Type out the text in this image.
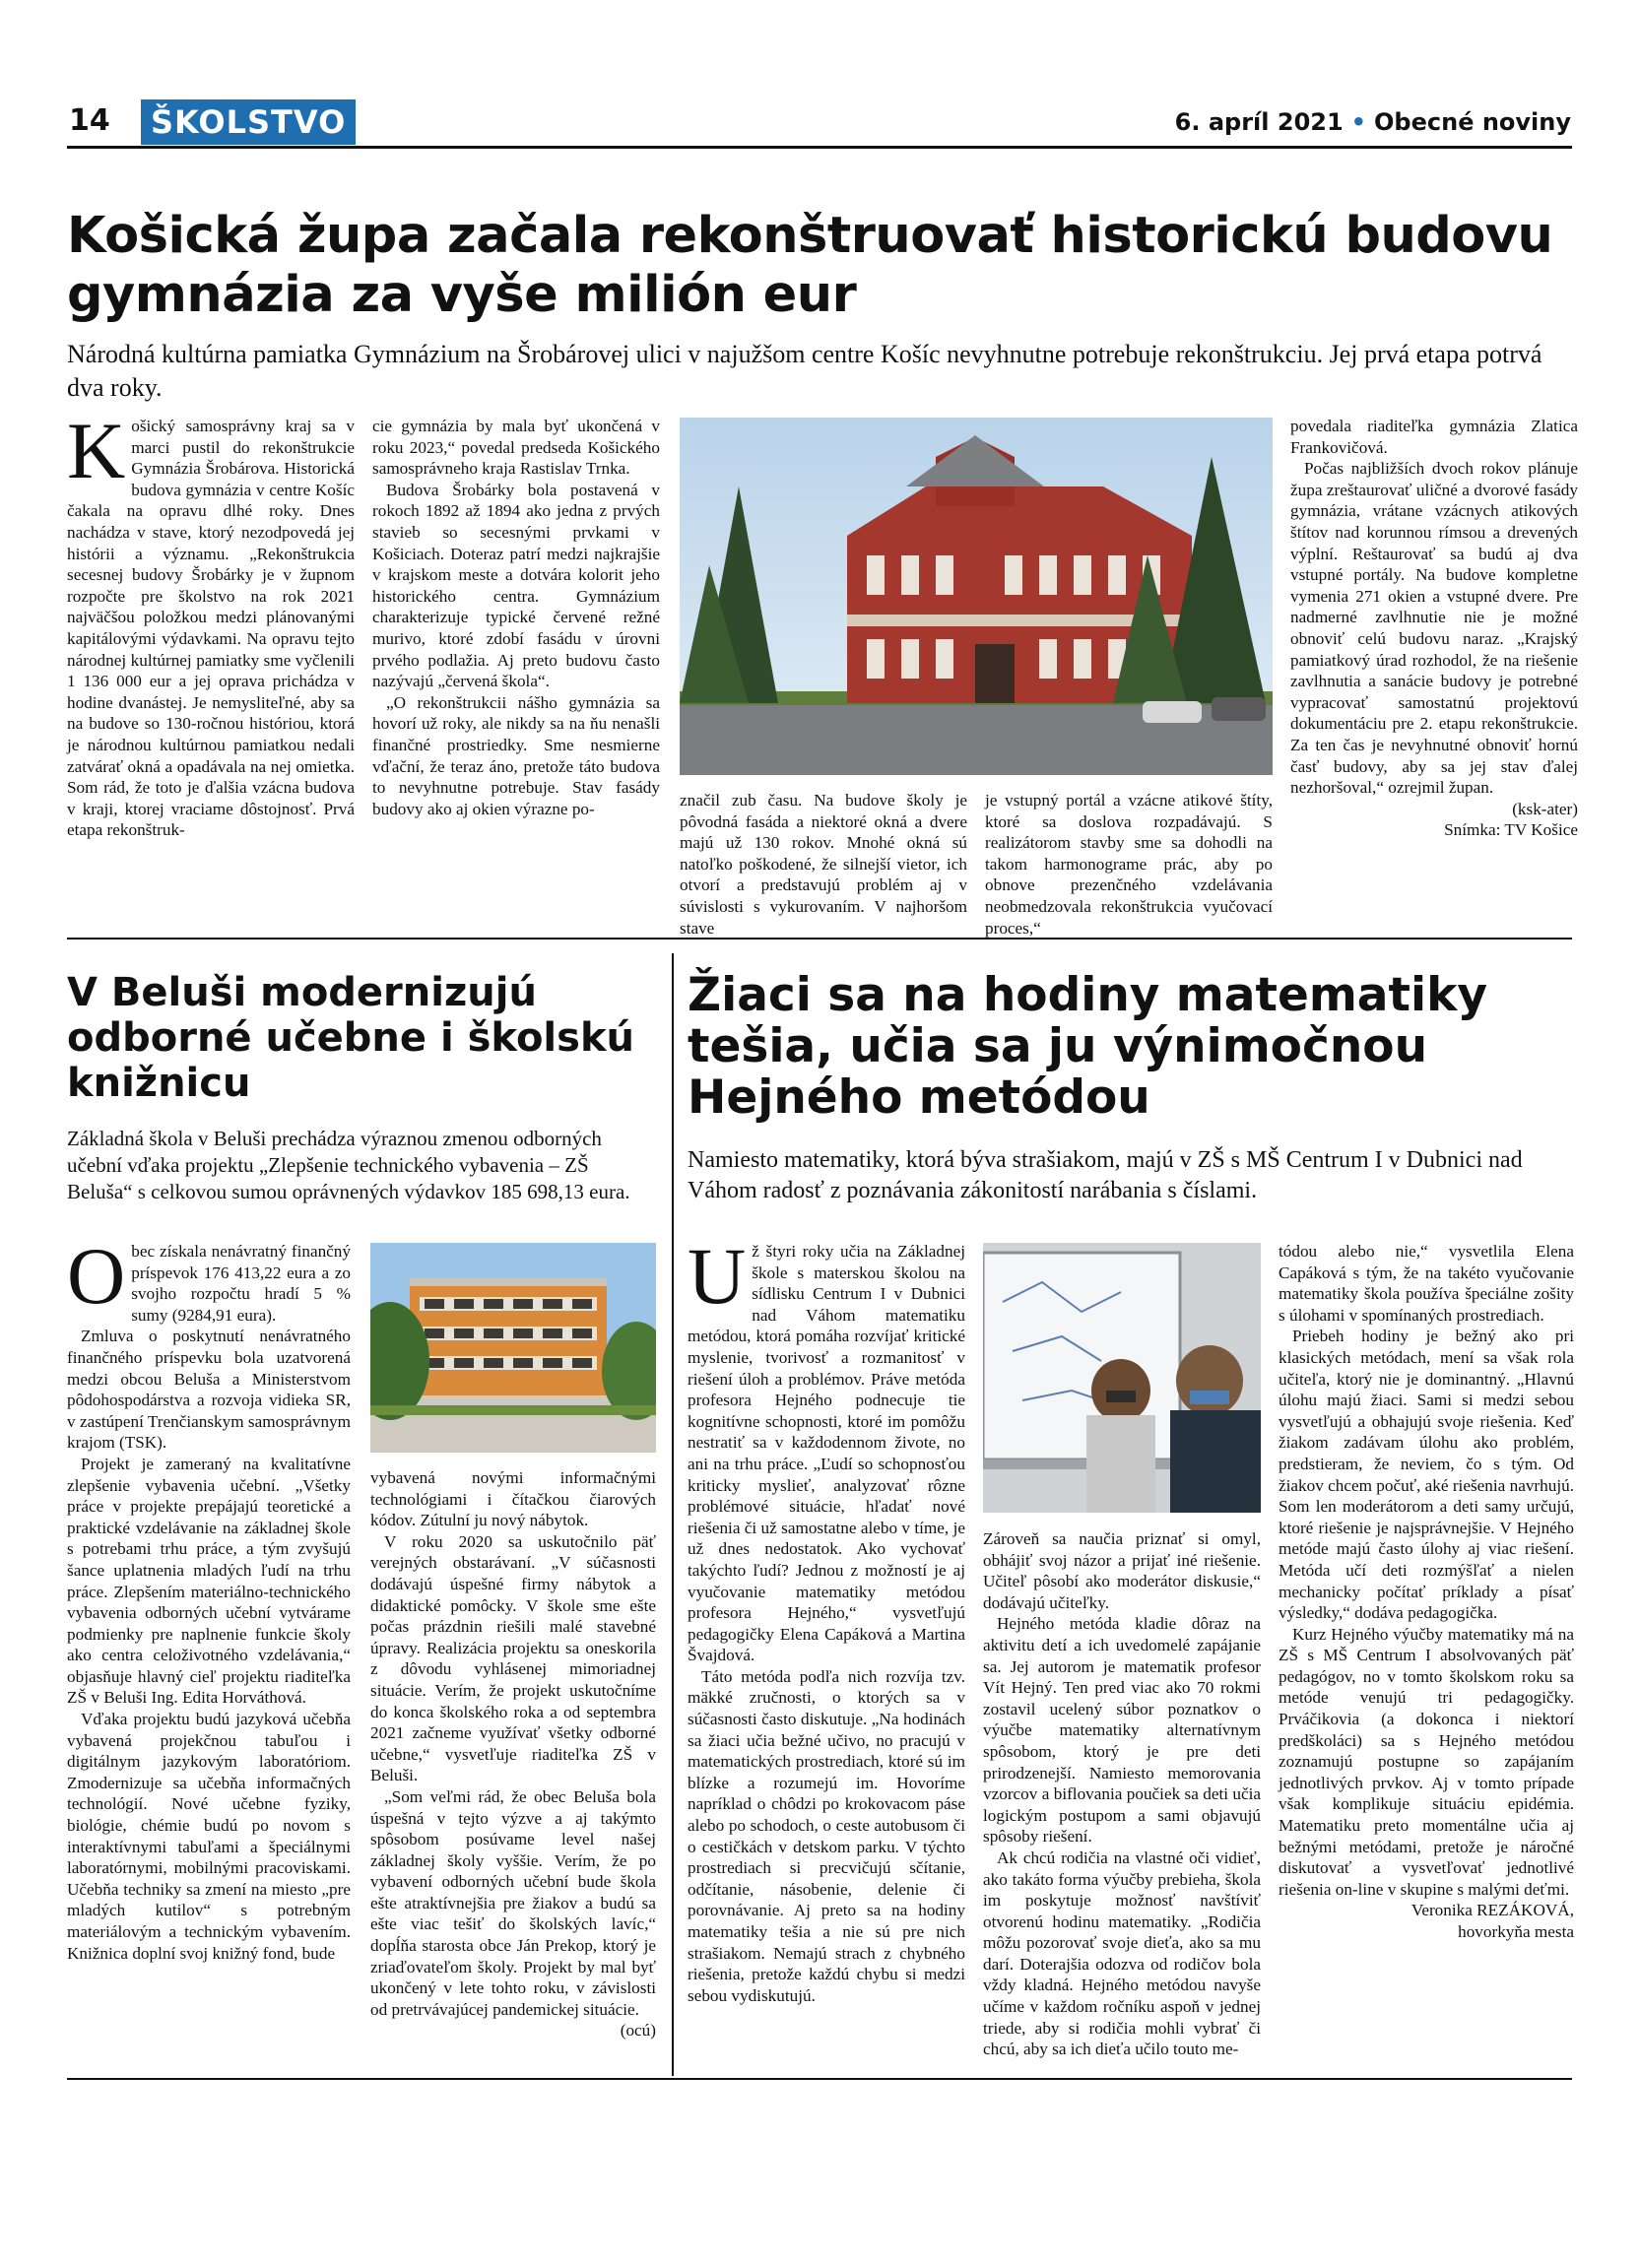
14	ŠKOLSTVO	6. apríl 2021 • Obecné noviny
Košická župa začala rekonštruovať historickú budovu gymnázia za vyše milión eur

Národná kultúrna pamiatka Gymnázium na Šrobárovej ulici v najužšom centre Košíc nevyhnutne potrebuje rekonštrukciu. Jej prvá etapa potrvá dva roky.

Košický samosprávny kraj sa v marci pustil do rekonštrukcie Gymnázia Šrobárova. Historická budova gymnázia v centre Košíc čakala na opravu dlhé roky. Dnes nachádza v stave, ktorý nezodpovedá jej histórii a významu. „Rekonštrukcia secesnej budovy Šrobárky je v župnom rozpočte pre školstvo na rok 2021 najväčšou položkou medzi plánovanými kapitálovými výdavkami. Na opravu tejto národnej kultúrnej pamiatky sme vyčlenili 1 136 000 eur a jej oprava prichádza v hodine dvanástej. Je nemysliteľné, aby sa na budove so 130-ročnou históriou, ktorá je národnou kultúrnou pamiatkou nedali zatvárať okná a opadávala na nej omietka. Som rád, že toto je ďalšia vzácna budova v kraji, ktorej vraciame dôstojnosť. Prvá etapa rekonštruk-

cie gymnázia by mala byť ukončená v roku 2023,“ povedal predseda Košického samosprávneho kraja Rastislav Trnka.

Budova Šrobárky bola postavená v rokoch 1892 až 1894 ako jedna z prvých stavieb so secesnými prvkami v Košiciach. Doteraz patrí medzi najkrajšie v krajskom meste a dotvára kolorit jeho historického centra. Gymnázium charakterizuje typické červené režné murivo, ktoré zdobí fasádu v úrovni prvého podlažia. Aj preto budovu často nazývajú „červená škola“.

„O rekonštrukcii nášho gymnázia sa hovorí už roky, ale nikdy sa na ňu nenašli finančné prostriedky. Sme nesmierne vďační, že teraz áno, pretože táto budova to nevyhnutne potrebuje. Stav fasády budovy ako aj okien výrazne po-	značil zub času. Na budove školy je pôvodná fasáda a niektoré okná a dvere majú už 130 rokov. Mnohé okná sú natoľko poškodené, že silnejší vietor, ich otvorí a predstavujú problém aj v súvislosti s vykurovaním. V najhoršom stave

je vstupný portál a vzácne atikové štíty, ktoré sa doslova rozpadávajú. S realizátorom stavby sme sa dohodli na takom harmonograme prác, aby po obnove prezenčného vzdelávania neobmedzovala rekonštrukcia vyučovací proces,“

povedala riaditeľka gymnázia Zlatica Frankovičová.

Počas najbližších dvoch rokov plánuje župa zreštaurovať uličné a dvorové fasády gymnázia, vrátane vzácnych atikových štítov nad korunnou rímsou a drevených výplní. Reštaurovať sa budú aj dva vstupné portály. Na budove kompletne vymenia 271 okien a vstupné dvere. Pre nadmerné zavlhnutie nie je možné obnoviť celú budovu naraz. „Krajský pamiatkový úrad rozhodol, že na riešenie zavlhnutia a sanácie budovy je potrebné vypracovať samostatnú projektovú dokumentáciu pre 2. etapu rekonštrukcie. Za ten čas je nevyhnutné obnoviť hornú časť budovy, aby sa jej stav ďalej nezhoršoval,“ ozrejmil župan.

(ksk-ater)

Snímka: TV Košice

V Beluši modernizujú odborné učebne i školskú knižnicu

Základná škola v Beluši prechádza výraznou zmenou odborných učební vďaka projektu „Zlepšenie technického vybavenia – ZŠ Beluša“ s celkovou sumou oprávnených výdavkov 185 698,13 eura.

Obec získala nenávratný finančný príspevok 176 413,22 eura a zo svojho rozpočtu hradí 5 % sumy (9284,91 eura).

Zmluva o poskytnutí nenávratného finančného príspevku bola uzatvorená medzi obcou Beluša a Ministerstvom pôdohospodárstva a rozvoja vidieka SR, v zastúpení Trenčianskym samosprávnym krajom (TSK).

Projekt je zameraný na kvalitatívne zlepšenie vybavenia učební. „Všetky práce v projekte prepájajú teoretické a praktické vzdelávanie na základnej škole s potrebami trhu práce, a tým zvyšujú šance uplatnenia mladých ľudí na trhu práce. Zlepšením materiálno-technického vybavenia odborných učební vytvárame podmienky pre naplnenie funkcie školy ako centra celoživotného vzdelávania,“ objasňuje hlavný cieľ projektu riaditeľka ZŠ v Beluši Ing. Edita Horváthová.

Vďaka projektu budú jazyková učebňa vybavená projekčnou tabuľou i digitálnym jazykovým laboratóriom. Zmodernizuje sa učebňa informačných technológií. Nové učebne fyziky, biológie, chémie budú po novom s interaktívnymi tabuľami a špeciálnymi laboratórnymi, mobilnými pracoviskami. Učebňa techniky sa zmení na miesto „pre mladých kutilov“ s potrebným materiálovým a technickým vybavením. Knižnica doplní svoj knižný fond, bude

vybavená novými informačnými technológiami i čítačkou čiarových kódov. Zútulní ju nový nábytok.

V roku 2020 sa uskutočnilo päť verejných obstarávaní. „V súčasnosti dodávajú úspešné firmy nábytok a didaktické pomôcky. V škole sme ešte počas prázdnin riešili malé stavebné úpravy. Realizácia projektu sa oneskorila z dôvodu vyhlásenej mimoriadnej situácie. Verím, že projekt uskutočníme do konca školského roka a od septembra 2021 začneme využívať všetky odborné učebne,“ vysvetľuje riaditeľka ZŠ v Beluši.

„Som veľmi rád, že obec Beluša bola úspešná v tejto výzve a aj takýmto spôsobom posúvame level našej základnej školy vyššie. Verím, že po vybavení odborných učební bude škola ešte atraktívnejšia pre žiakov a budú sa ešte viac tešiť do školských lavíc,“ dopĺňa starosta obce Ján Prekop, ktorý je zriaďovateľom školy. Projekt by mal byť ukončený v lete tohto roku, v závislosti od pretrvávajúcej pandemickej situácie.

(ocú)

Žiaci sa na hodiny matematiky tešia, učia sa ju výnimočnou Hejného metódou

Namiesto matematiky, ktorá býva strašiakom, majú v ZŠ s MŠ Centrum I v Dubnici nad Váhom radosť z poznávania zákonitostí narábania s číslami.

Už štyri roky učia na Základnej škole s materskou školou na sídlisku Centrum I v Dubnici nad Váhom matematiku metódou, ktorá pomáha rozvíjať kritické myslenie, tvorivosť a rozmanitosť v riešení úloh a problémov. Práve metóda profesora Hejného podnecuje tie kognitívne schopnosti, ktoré im pomôžu nestratiť sa v každodennom živote, no ani na trhu práce. „Ľudí so schopnosťou kriticky myslieť, analyzovať rôzne problémové situácie, hľadať nové riešenia či už samostatne alebo v tíme, je už dnes nedostatok. Ako vychovať takýchto ľudí? Jednou z možností je aj vyučovanie matematiky metódou profesora Hejného,“ vysvetľujú pedagogičky Elena Capáková a Martina Švajdová.

Táto metóda podľa nich rozvíja tzv. mäkké zručnosti, o ktorých sa v súčasnosti často diskutuje. „Na hodinách sa žiaci učia bežné učivo, no pracujú v matematických prostrediach, ktoré sú im blízke a rozumejú im. Hovoríme napríklad o chôdzi po krokovacom páse alebo po schodoch, o ceste autobusom či o cestičkách v detskom parku. V týchto prostrediach si precvičujú sčítanie, odčítanie, násobenie, delenie či porovnávanie. Aj preto sa na hodiny matematiky tešia a nie sú pre nich strašiakom. Nemajú strach z chybného riešenia, pretože každú chybu si medzi sebou vydiskutujú.

Zároveň sa naučia priznať si omyl, obhájiť svoj názor a prijať iné riešenie. Učiteľ pôsobí ako moderátor diskusie,“ dodávajú učiteľky.

Hejného metóda kladie dôraz na aktivitu detí a ich uvedomelé zapájanie sa. Jej autorom je matematik profesor Vít Hejný. Ten pred viac ako 70 rokmi zostavil ucelený súbor poznatkov o výučbe matematiky alternatívnym spôsobom, ktorý je pre deti prirodzenejší. Namiesto memorovania vzorcov a biflovania poučiek sa deti učia logickým postupom a sami objavujú spôsoby riešení.

Ak chcú rodičia na vlastné oči vidieť, ako takáto forma výučby prebieha, škola im poskytuje možnosť navštíviť otvorenú hodinu matematiky. „Rodičia môžu pozorovať svoje dieťa, ako sa mu darí. Doterajšia odozva od rodičov bola vždy kladná. Hejného metódou navyše učíme v každom ročníku aspoň v jednej triede, aby si rodičia mohli vybrať či chcú, aby sa ich dieťa učilo touto me-

tódou alebo nie,“ vysvetlila Elena Capáková s tým, že na takéto vyučovanie matematiky škola používa špeciálne zošity s úlohami v spomínaných prostrediach.

Priebeh hodiny je bežný ako pri klasických metódach, mení sa však rola učiteľa, ktorý nie je dominantný. „Hlavnú úlohu majú žiaci. Sami si medzi sebou vysvetľujú a obhajujú svoje riešenia. Keď žiakom zadávam úlohu ako problém, predstieram, že neviem, čo s tým. Od žiakov chcem počuť, aké riešenia navrhujú. Som len moderátorom a deti samy určujú, ktoré riešenie je najsprávnejšie. V Hejného metóde majú často úlohy aj viac riešení. Metóda učí deti rozmýšľať a nielen mechanicky počítať príklady a písať výsledky,“ dodáva pedagogička.

Kurz Hejného výučby matematiky má na ZŠ s MŠ Centrum I absolvovaných päť pedagógov, no v tomto školskom roku sa metóde venujú tri pedagogičky. Prváčikovia (a dokonca i niektorí predškoláci) sa s Hejného metódou zoznamujú postupne so zapájaním jednotlivých prvkov. Aj v tomto prípade však komplikuje situáciu epidémia. Matematiku preto momentálne učia aj bežnými metódami, pretože je náročné diskutovať a vysvetľovať jednotlivé riešenia on-line v skupine s malými deťmi.

Veronika REZÁKOVÁ,

hovorkyňa mesta
